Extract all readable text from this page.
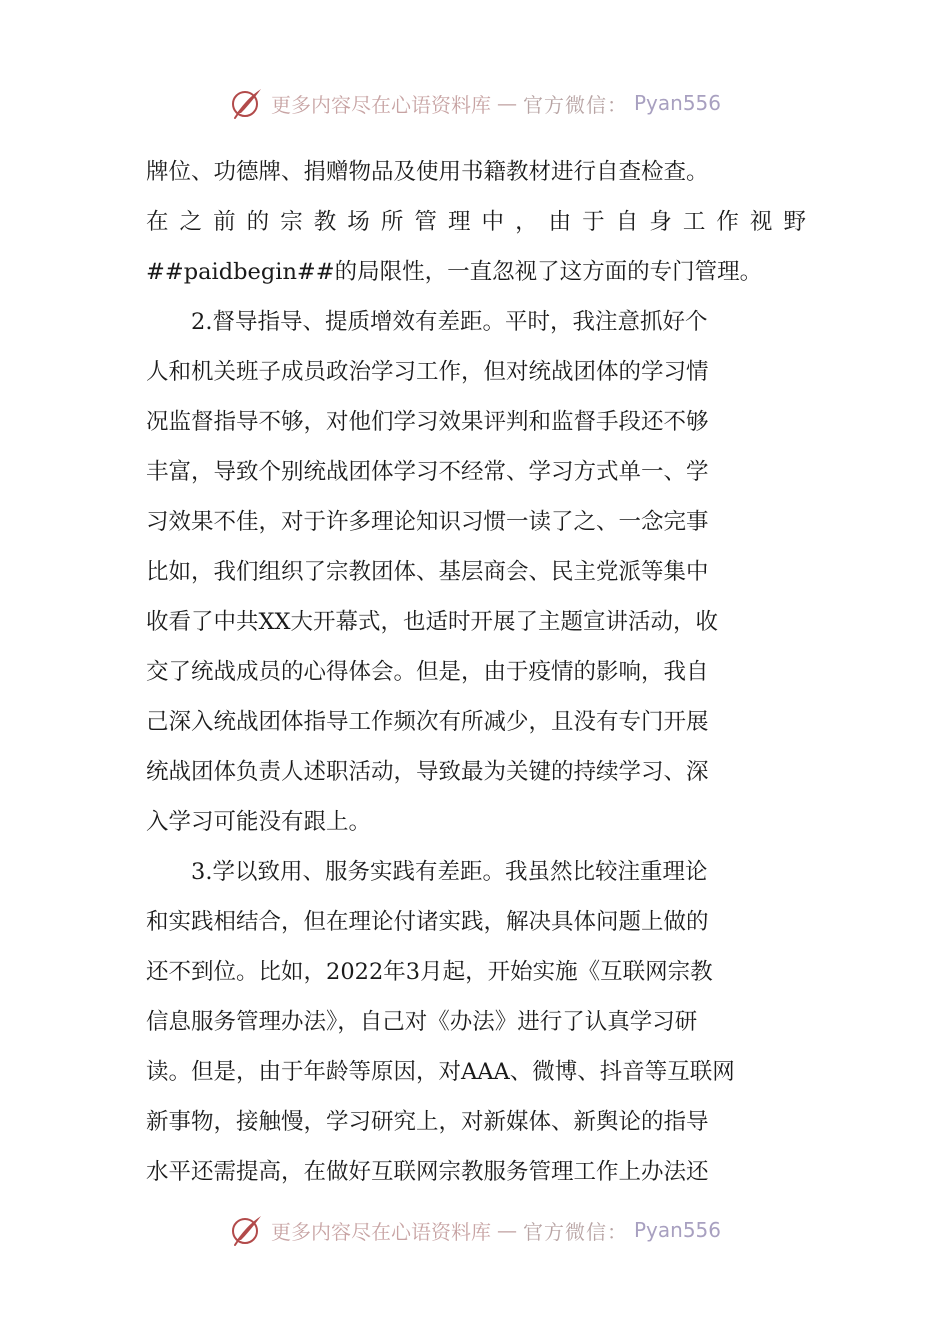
更多内容尽在心语资料库 — 官方微信： Pyan556
牌位、功德牌、捐赠物品及使用书籍教材进行自查检查。
在之前的宗教场所管理中，由于自身工作视野
##paidbegin##的局限性，一直忽视了这方面的专门管理。
2.督导指导、提质增效有差距。平时，我注意抓好个
人和机关班子成员政治学习工作，但对统战团体的学习情
况监督指导不够，对他们学习效果评判和监督手段还不够
丰富，导致个别统战团体学习不经常、学习方式单一、学
习效果不佳，对于许多理论知识习惯一读了之、一念完事
比如，我们组织了宗教团体、基层商会、民主党派等集中
收看了中共XX大开幕式，也适时开展了主题宣讲活动，收
交了统战成员的心得体会。但是，由于疫情的影响，我自
己深入统战团体指导工作频次有所减少，且没有专门开展
统战团体负责人述职活动，导致最为关键的持续学习、深
入学习可能没有跟上。
3.学以致用、服务实践有差距。我虽然比较注重理论
和实践相结合，但在理论付诸实践，解决具体问题上做的
还不到位。比如，2022年3月起，开始实施《互联网宗教
信息服务管理办法》，自己对《办法》进行了认真学习研
读。但是，由于年龄等原因，对AAA、微博、抖音等互联网
新事物，接触慢，学习研究上，对新媒体、新舆论的指导
水平还需提高，在做好互联网宗教服务管理工作上办法还
更多内容尽在心语资料库 — 官方微信： Pyan556
